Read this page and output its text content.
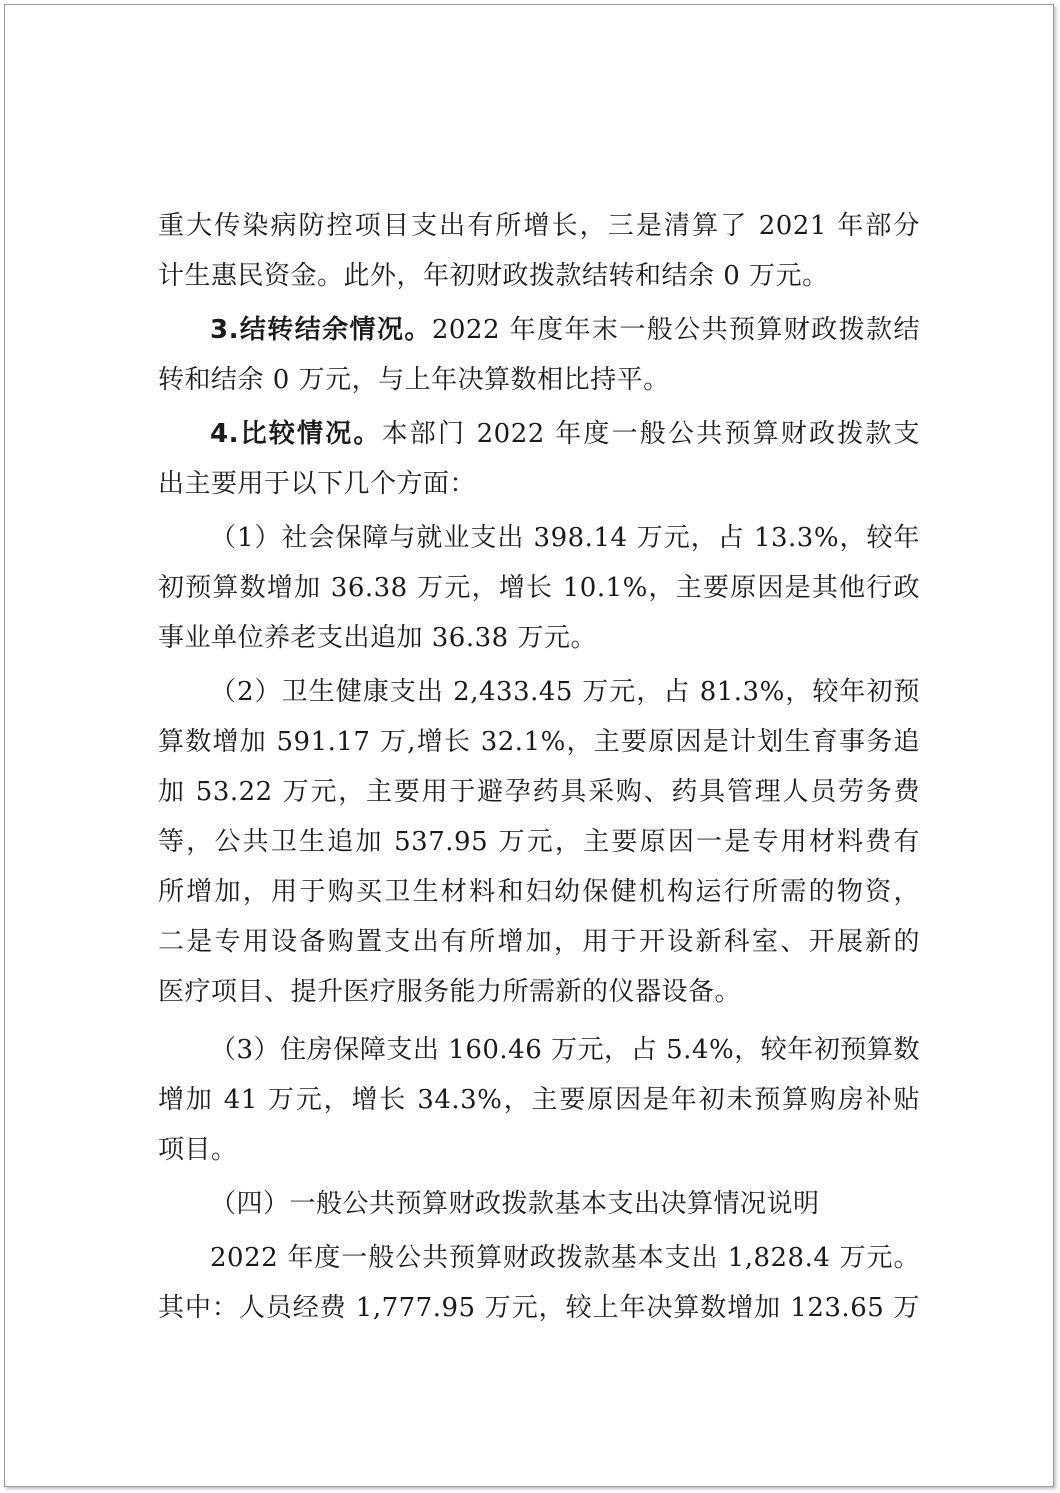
重大传染病防控项目支出有所增长，三是清算了 2021 年部分
计生惠民资金。此外，年初财政拨款结转和结余 0 万元。
3.结转结余情况。2022 年度年末一般公共预算财政拨款结
转和结余 0 万元，与上年决算数相比持平。
4.比较情况。本部门 2022 年度一般公共预算财政拨款支
出主要用于以下几个方面：
（1）社会保障与就业支出 398.14 万元，占 13.3%，较年
初预算数增加 36.38 万元，增长 10.1%，主要原因是其他行政
事业单位养老支出追加 36.38 万元。
（2）卫生健康支出 2,433.45 万元，占 81.3%，较年初预
算数增加 591.17 万,增长 32.1%，主要原因是计划生育事务追
加 53.22 万元，主要用于避孕药具采购、药具管理人员劳务费
等，公共卫生追加 537.95 万元，主要原因一是专用材料费有
所增加，用于购买卫生材料和妇幼保健机构运行所需的物资，
二是专用设备购置支出有所增加，用于开设新科室、开展新的
医疗项目、提升医疗服务能力所需新的仪器设备。
（3）住房保障支出 160.46 万元，占 5.4%，较年初预算数
增加 41 万元，增长 34.3%，主要原因是年初未预算购房补贴
项目。
（四）一般公共预算财政拨款基本支出决算情况说明
2022 年度一般公共预算财政拨款基本支出 1,828.4 万元。
其中：人员经费 1,777.95 万元，较上年决算数增加 123.65 万
